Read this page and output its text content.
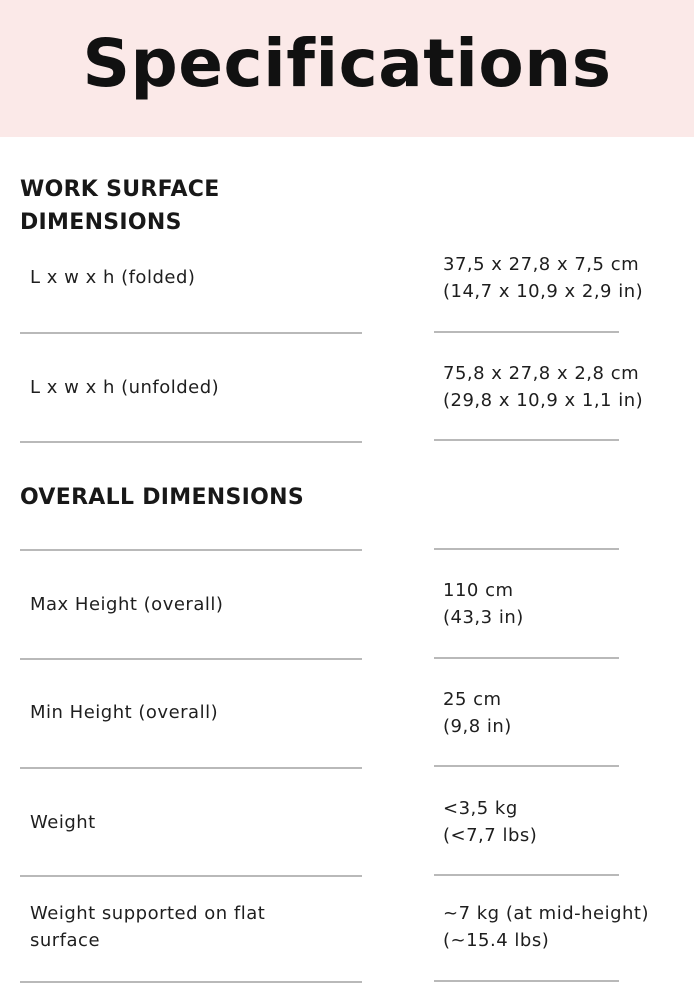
Specifications
WORK SURFACE
DIMENSIONS
L x w x h (folded)
37,5 x 27,8 x 7,5 cm
(14,7 x 10,9 x 2,9 in)
L x w x h (unfolded)
75,8 x 27,8 x 2,8 cm
(29,8 x 10,9 x 1,1 in)
OVERALL DIMENSIONS
Max Height (overall)
110 cm
(43,3 in)
Min Height (overall)
25 cm
(9,8 in)
Weight
<3,5 kg
(<7,7 lbs)
Weight supported on flat
surface
~7 kg (at mid-height)
(~15.4 lbs)
